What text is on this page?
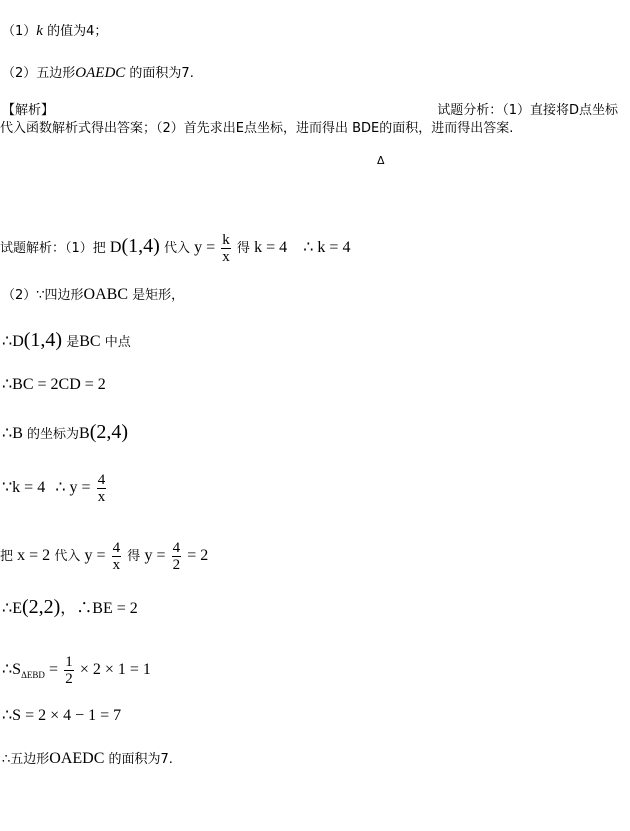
（1）k 的值为4；
（2）五边形OAEDC 的面积为7.
【解析】	试题分析：（1）直接将D点坐标
代入函数解析式得出答案；（2）首先求出E点坐标，进而得出 BDE的面积，进而得出答案.
Δ
试题解析：（1）把 D(1,4) 代入 $y = \frac{k}{x}$ 得 k = 4 ∴ k = 4
（2）∵四边形OABC 是矩形，
∴D(1,4) 是BC 中点
∴BC = 2CD = 2
∴B 的坐标为B(2,4)
∵k = 4 ∴ $y = \frac{4}{x}$
把 x = 2 代入 $y = \frac{4}{x}$ 得 $y = \frac{4}{2} = 2$
∴E(2,2)，∴BE = 2
$\therefore S_{\Delta EBD} = \frac{1}{2} \times 2 \times 1 = 1$
∴S = 2 × 4 − 1 = 7
∴五边形OAEDC 的面积为7.
